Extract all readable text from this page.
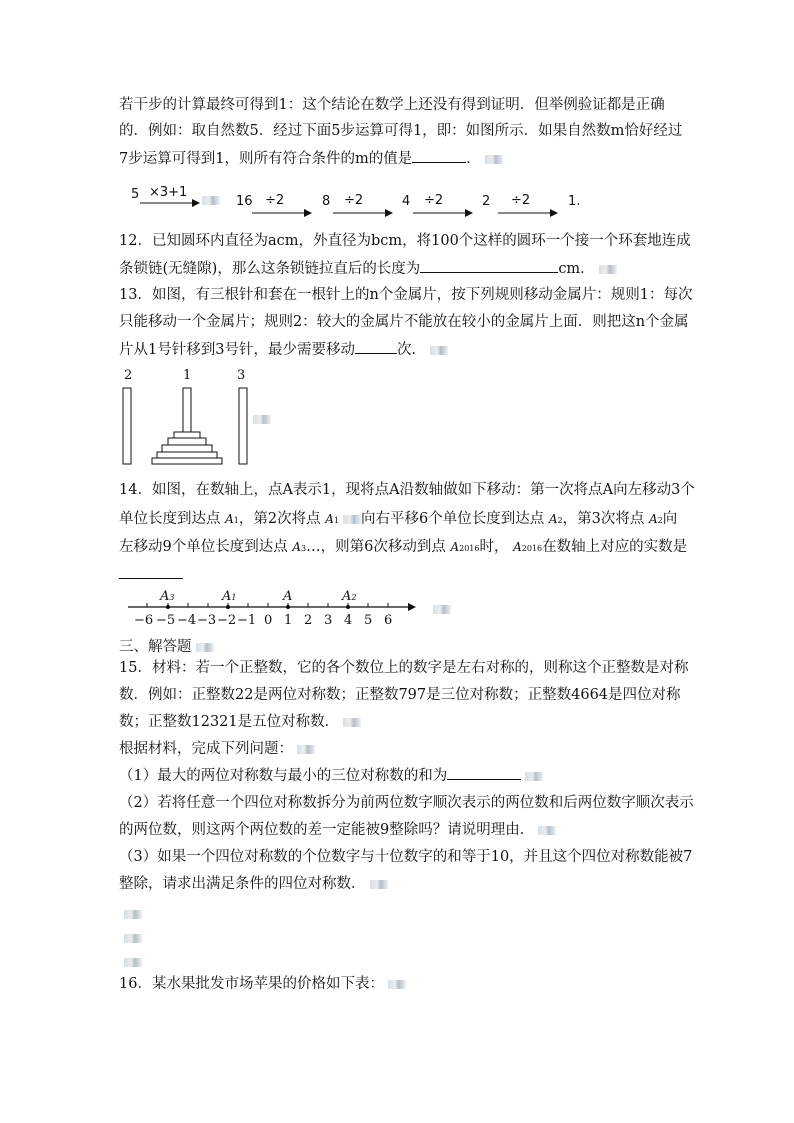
若干步的计算最终可得到1：这个结论在数学上还没有得到证明．但举例验证都是正确
的．例如：取自然数5．经过下面5步运算可得1，即：如图所示．如果自然数m恰好经过
7步运算可得到1，则所有符合条件的m的值是	．
5 ×3+1
16 ÷2	8 ÷2	4 ÷2	2 ÷2	1.
12．已知圆环内直径为acm，外直径为bcm，将100个这样的圆环一个接一个环套地连成
条锁链(无缝隙)，那么这条锁链拉直后的长度为	cm．
13．如图，有三根针和套在一根针上的n个金属片，按下列规则移动金属片：规则1：每次
只能移动一个金属片；规则2：较大的金属片不能放在较小的金属片上面．则把这n个金属
片从1号针移到3号针，最少需要移动	次．
2	1	3
14．如图，在数轴上，点A表示1，现将点A沿数轴做如下移动：第一次将点A向左移动3个
单位长度到达点 A1，第2次将点 A1 向右平移6个单位长度到达点 A2，第3次将点 A2向
左移动9个单位长度到达点 A3…，则第6次移动到点 A2016时， A2016在数轴上对应的实数是
A3	A1	A	A2
−6 −5 −4 −3 −2 −1 0 1 2 3 4 5 6
三、解答题
15．材料：若一个正整数，它的各个数位上的数字是左右对称的，则称这个正整数是对称
数．例如：正整数22是两位对称数；正整数797是三位对称数；正整数4664是四位对称
数；正整数12321是五位对称数．
根据材料，完成下列问题：
（1）最大的两位对称数与最小的三位对称数的和为
（2）若将任意一个四位对称数拆分为前两位数字顺次表示的两位数和后两位数字顺次表示
的两位数，则这两个两位数的差一定能被9整除吗？请说明理由．
（3）如果一个四位对称数的个位数字与十位数字的和等于10，并且这个四位对称数能被7
整除，请求出满足条件的四位对称数．
16．某水果批发市场苹果的价格如下表：
